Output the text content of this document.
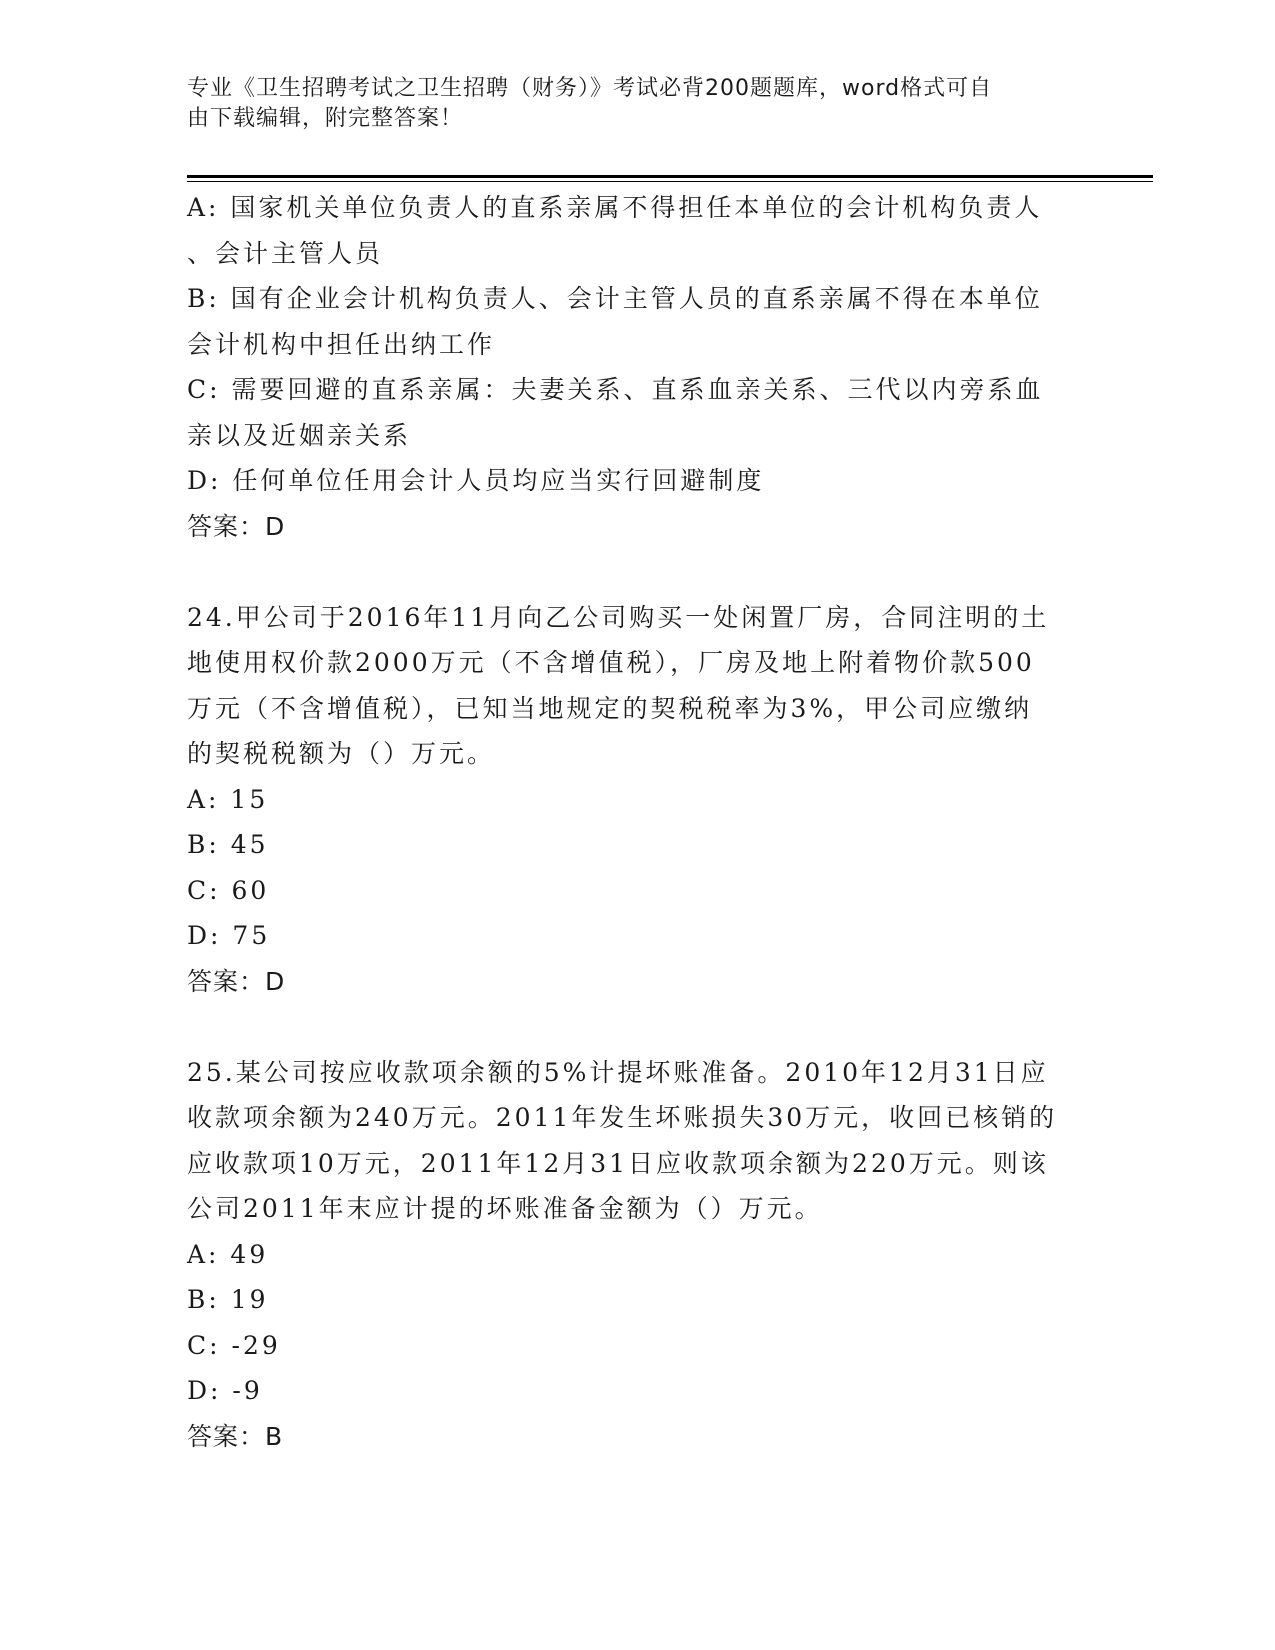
专业《卫生招聘考试之卫生招聘（财务）》考试必背200题题库，word格式可自
由下载编辑，附完整答案！
A: 国家机关单位负责人的直系亲属不得担任本单位的会计机构负责人
、会计主管人员
B: 国有企业会计机构负责人、会计主管人员的直系亲属不得在本单位
会计机构中担任出纳工作
C: 需要回避的直系亲属：夫妻关系、直系血亲关系、三代以内旁系血
亲以及近姻亲关系
D: 任何单位任用会计人员均应当实行回避制度
答案：D
24.甲公司于2016年11月向乙公司购买一处闲置厂房，合同注明的土
地使用权价款2000万元（不含增值税），厂房及地上附着物价款500
万元（不含增值税），已知当地规定的契税税率为3%，甲公司应缴纳
的契税税额为（）万元。
A: 15
B: 45
C: 60
D: 75
答案：D
25.某公司按应收款项余额的5%计提坏账准备。2010年12月31日应
收款项余额为240万元。2011年发生坏账损失30万元，收回已核销的
应收款项10万元，2011年12月31日应收款项余额为220万元。则该
公司2011年末应计提的坏账准备金额为（）万元。
A: 49
B: 19
C: -29
D: -9
答案：B
